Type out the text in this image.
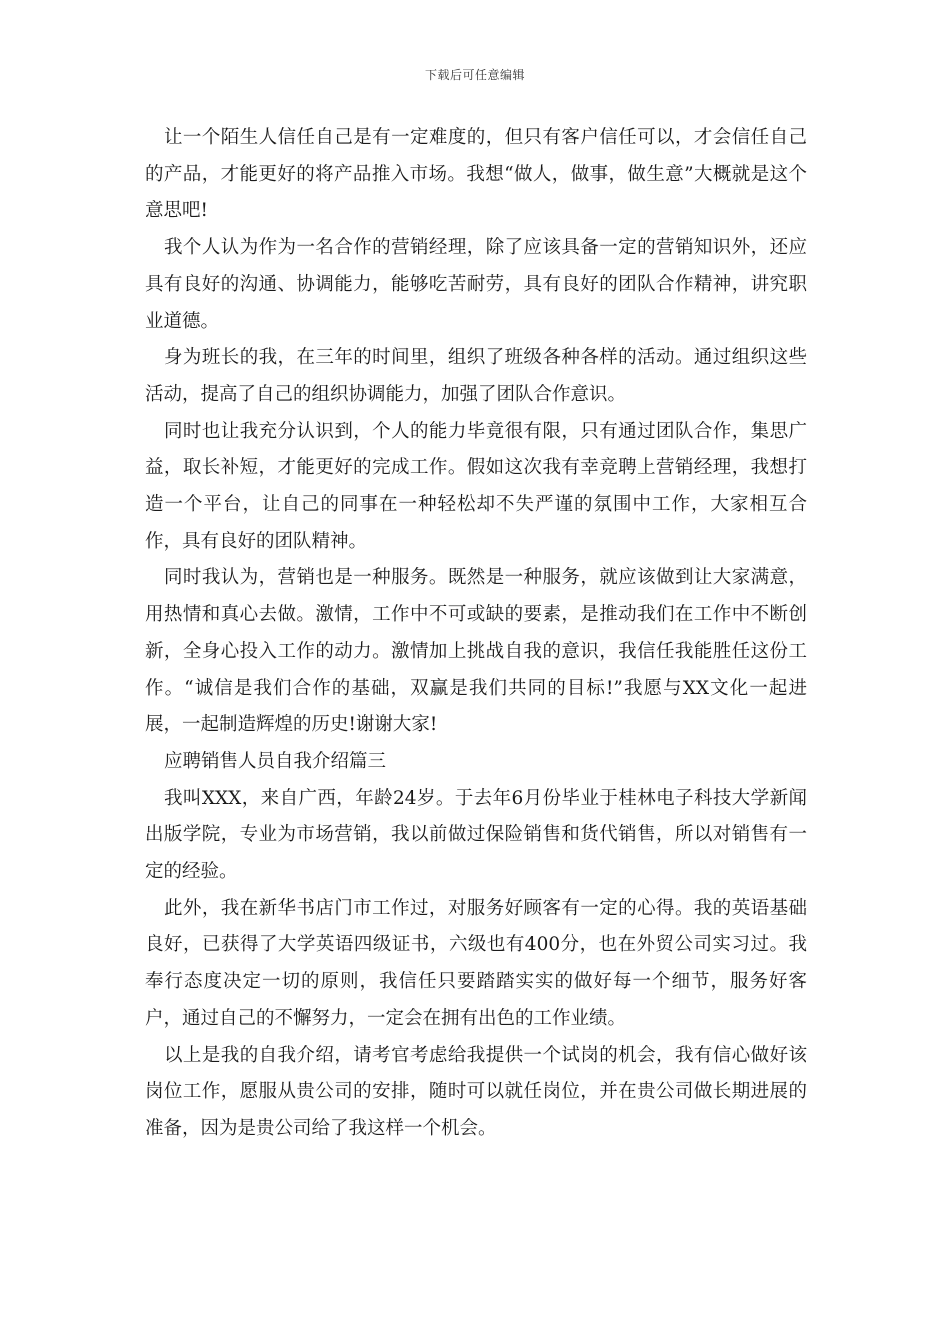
下载后可任意编辑

让一个陌生人信任自己是有一定难度的，但只有客户信任可以，才会信任自己的产品，才能更好的将产品推入市场。我想“做人，做事，做生意”大概就是这个意思吧!

我个人认为作为一名合作的营销经理，除了应该具备一定的营销知识外，还应具有良好的沟通、协调能力，能够吃苦耐劳，具有良好的团队合作精神，讲究职业道德。

身为班长的我，在三年的时间里，组织了班级各种各样的活动。通过组织这些活动，提高了自己的组织协调能力，加强了团队合作意识。

同时也让我充分认识到，个人的能力毕竟很有限，只有通过团队合作，集思广益，取长补短，才能更好的完成工作。假如这次我有幸竞聘上营销经理，我想打造一个平台，让自己的同事在一种轻松却不失严谨的氛围中工作，大家相互合作，具有良好的团队精神。

同时我认为，营销也是一种服务。既然是一种服务，就应该做到让大家满意，用热情和真心去做。激情，工作中不可或缺的要素，是推动我们在工作中不断创新，全身心投入工作的动力。激情加上挑战自我的意识，我信任我能胜任这份工作。“诚信是我们合作的基础，双赢是我们共同的目标!”我愿与XX文化一起进展，一起制造辉煌的历史!谢谢大家!

应聘销售人员自我介绍篇三

我叫XXX，来自广西，年龄24岁。于去年6月份毕业于桂林电子科技大学新闻出版学院，专业为市场营销，我以前做过保险销售和货代销售，所以对销售有一定的经验。

此外，我在新华书店门市工作过，对服务好顾客有一定的心得。我的英语基础良好，已获得了大学英语四级证书，六级也有400分，也在外贸公司实习过。我奉行态度决定一切的原则，我信任只要踏踏实实的做好每一个细节，服务好客户，通过自己的不懈努力，一定会在拥有出色的工作业绩。

以上是我的自我介绍，请考官考虑给我提供一个试岗的机会，我有信心做好该岗位工作，愿服从贵公司的安排，随时可以就任岗位，并在贵公司做长期进展的准备，因为是贵公司给了我这样一个机会。
